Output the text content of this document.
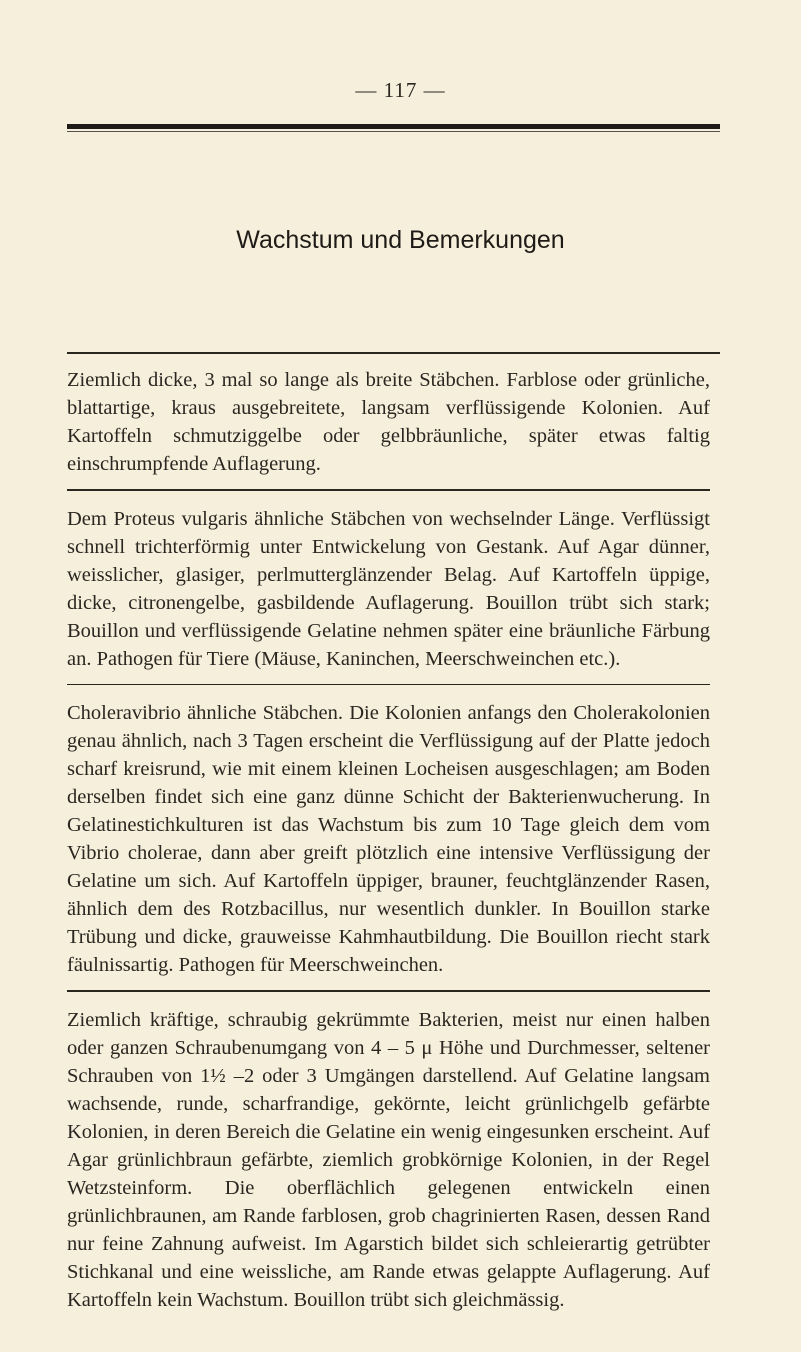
— 117 —
Wachstum und Bemerkungen

Ziemlich dicke, 3 mal so lange als breite Stäbchen. Farblose oder grünliche, blattartige, kraus ausgebreitete, langsam verflüssigende Kolonien. Auf Kartoffeln schmutziggelbe oder gelbbräunliche, später etwas faltig einschrumpfende Auflagerung.

Dem Proteus vulgaris ähnliche Stäbchen von wechselnder Länge. Verflüssigt schnell trichterförmig unter Entwickelung von Gestank. Auf Agar dünner, weisslicher, glasiger, perlmutterglänzender Belag. Auf Kartoffeln üppige, dicke, citronengelbe, gasbildende Auflagerung. Bouillon trübt sich stark; Bouillon und verflüssigende Gelatine nehmen später eine bräunliche Färbung an. Pathogen für Tiere (Mäuse, Kaninchen, Meerschweinchen etc.).

Choleravibrio ähnliche Stäbchen. Die Kolonien anfangs den Cholerakolonien genau ähnlich, nach 3 Tagen erscheint die Verflüssigung auf der Platte jedoch scharf kreisrund, wie mit einem kleinen Locheisen ausgeschlagen; am Boden derselben findet sich eine ganz dünne Schicht der Bakterienwucherung. In Gelatinestichkulturen ist das Wachstum bis zum 10 Tage gleich dem vom Vibrio cholerae, dann aber greift plötzlich eine intensive Verflüssigung der Gelatine um sich. Auf Kartoffeln üppiger, brauner, feuchtglänzender Rasen, ähnlich dem des Rotzbacillus, nur wesentlich dunkler. In Bouillon starke Trübung und dicke, grauweisse Kahmhautbildung. Die Bouillon riecht stark fäulnissartig. Pathogen für Meerschweinchen.

Ziemlich kräftige, schraubig gekrümmte Bakterien, meist nur einen halben oder ganzen Schraubenumgang von 4 – 5 μ Höhe und Durchmesser, seltener Schrauben von 1½ –2 oder 3 Umgängen darstellend. Auf Gelatine langsam wachsende, runde, scharfrandige, gekörnte, leicht grünlichgelb gefärbte Kolonien, in deren Bereich die Gelatine ein wenig eingesunken erscheint. Auf Agar grünlichbraun gefärbte, ziemlich grobkörnige Kolonien, in der Regel Wetzsteinform. Die oberflächlich gelegenen entwickeln einen grünlichbraunen, am Rande farblosen, grob chagrinierten Rasen, dessen Rand nur feine Zahnung aufweist. Im Agarstich bildet sich schleierartig getrübter Stichkanal und eine weissliche, am Rande etwas gelappte Auflagerung. Auf Kartoffeln kein Wachstum. Bouillon trübt sich gleichmässig.
